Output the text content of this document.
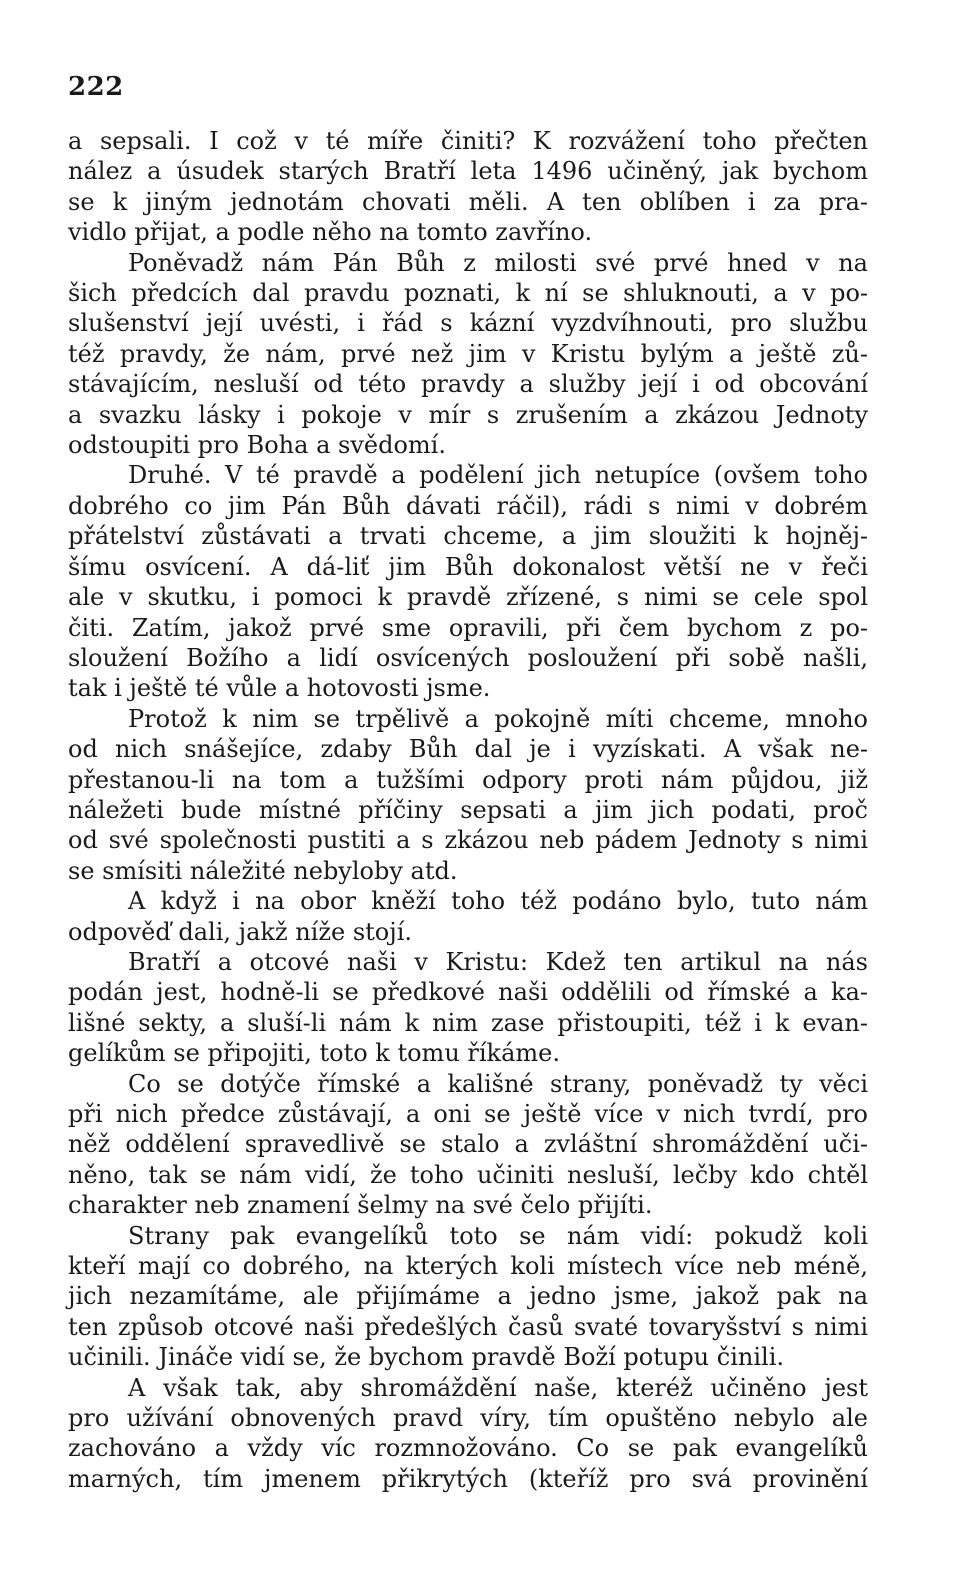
222
a sepsali. I což v té míře činiti? K rozvážení toho přečten
nález a úsudek starých Bratří leta 1496 učiněný, jak bychom
se k jiným jednotám chovati měli. A ten oblíben i za pra-
vidlo přijat, a podle něho na tomto zavříno.
Poněvadž nám Pán Bůh z milosti své prvé hned v na
šich předcích dal pravdu poznati, k ní se shluknouti, a v po-
slušenství její uvésti, i řád s kázní vyzdvíhnouti, pro službu
též pravdy, že nám, prvé než jim v Kristu bylým a ještě zů-
stávajícím, nesluší od této pravdy a služby její i od obcování
a svazku lásky i pokoje v mír s zrušením a zkázou Jednoty
odstoupiti pro Boha a svědomí.
Druhé. V té pravdě a podělení jich netupíce (ovšem toho
dobrého co jim Pán Bůh dávati ráčil), rádi s nimi v dobrém
přátelství zůstávati a trvati chceme, a jim sloužiti k hojněj-
šímu osvícení. A dá-liť jim Bůh dokonalost větší ne v řeči
ale v skutku, i pomoci k pravdě zřízené, s nimi se cele spol
čiti. Zatím, jakož prvé sme opravili, při čem bychom z po-
sloužení Božího a lidí osvícených posloužení při sobě našli,
tak i ještě té vůle a hotovosti jsme.
Protož k nim se trpělivě a pokojně míti chceme, mnoho
od nich snášejíce, zdaby Bůh dal je i vyzískati. A však ne-
přestanou-li na tom a tužšími odpory proti nám půjdou, již
náležeti bude místné příčiny sepsati a jim jich podati, proč
od své společnosti pustiti a s zkázou neb pádem Jednoty s nimi
se smísiti náležité nebyloby atd.
A když i na obor kněží toho též podáno bylo, tuto nám
odpověď dali, jakž níže stojí.
Bratří a otcové naši v Kristu: Kdež ten artikul na nás
podán jest, hodně-li se předkové naši oddělili od římské a ka-
lišné sekty, a sluší-li nám k nim zase přistoupiti, též i k evan-
gelíkům se připojiti, toto k tomu říkáme.
Co se dotýče římské a kališné strany, poněvadž ty věci
při nich předce zůstávají, a oni se ještě více v nich tvrdí, pro
něž oddělení spravedlivě se stalo a zvláštní shromáždění uči-
něno, tak se nám vidí, že toho učiniti nesluší, lečby kdo chtěl
charakter neb znamení šelmy na své čelo přijíti.
Strany pak evangelíků toto se nám vidí: pokudž koli
kteří mají co dobrého, na kterých koli místech více neb méně,
jich nezamítáme, ale přijímáme a jedno jsme, jakož pak na
ten způsob otcové naši předešlých časů svaté tovaryšství s nimi
učinili. Jináče vidí se, že bychom pravdě Boží potupu činili.
A však tak, aby shromáždění naše, kteréž učiněno jest
pro užívání obnovených pravd víry, tím opuštěno nebylo ale
zachováno a vždy víc rozmnožováno. Co se pak evangelíků
marných, tím jmenem přikrytých (kteříž pro svá provinění
